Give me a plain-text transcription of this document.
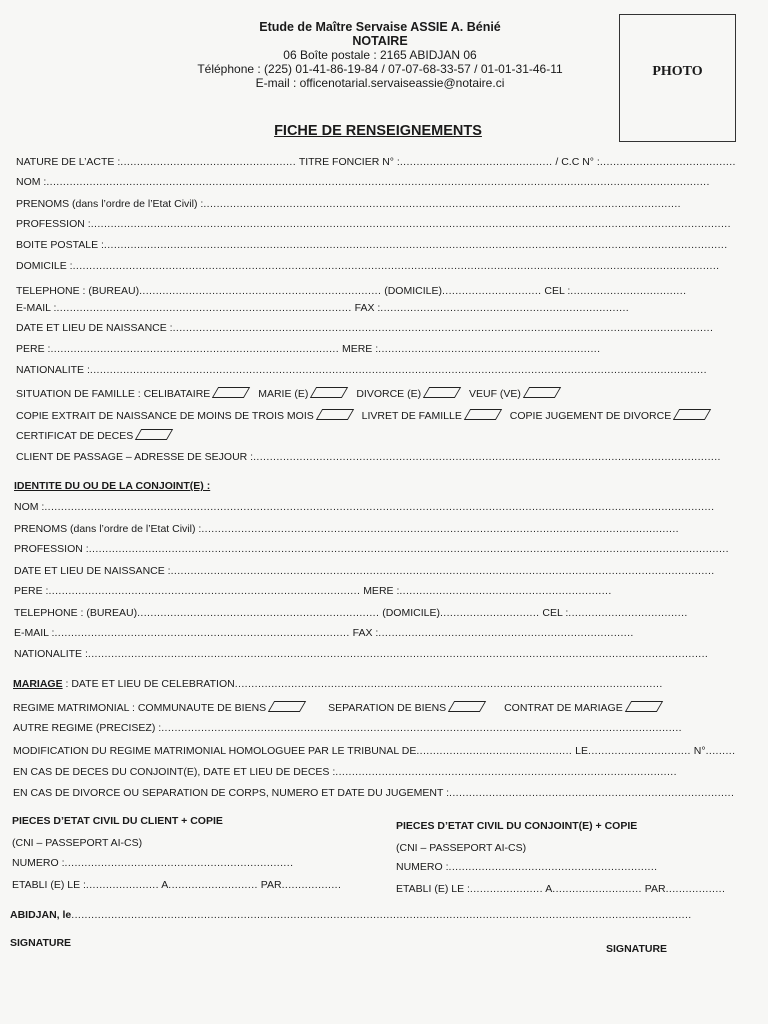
Etude de Maître Servaise ASSIE A. Bénié
NOTAIRE
06 Boîte postale : 2165 ABIDJAN 06
Téléphone : (225) 01-41-86-19-84 / 07-07-68-33-57 / 01-01-31-46-11
E-mail : officenotarial.servaiseassie@notaire.ci
PHOTO
FICHE DE RENSEIGNEMENTS
NATURE DE L’ACTE :..................................................... TITRE FONCIER N° :.............................................. / C.C N° :.........................................
NOM :........................................................................................................................................................................................................
PRENOMS (dans l’ordre de l’Etat Civil) :................................................................................................................................................
PROFESSION :.................................................................................................................................................................................................
BOITE POSTALE :............................................................................................................................................................................................
DOMICILE :...................................................................................................................................................................................................
TELEPHONE : (BUREAU)......................................................................... (DOMICILE).............................. CEL :...................................
E-MAIL :......................................................................................... FAX :...........................................................................
DATE ET LIEU DE NAISSANCE :...................................................................................................................................................................
PERE :....................................................................................... MERE :...................................................................
NATIONALITE :..........................................................................................................................................................................................
SITUATION DE FAMILLE : CELIBATAIRE	MARIE (E)	DIVORCE (E)	VEUF (VE)
COPIE EXTRAIT DE NAISSANCE DE MOINS DE TROIS MOIS	LIVRET DE FAMILLE	COPIE JUGEMENT DE DIVORCE
CERTIFICAT DE DECES
CLIENT DE PASSAGE – ADRESSE DE SEJOUR :.............................................................................................................................................
IDENTITE DU OU DE LA CONJOINT(E) :
NOM :..........................................................................................................................................................................................................
PRENOMS (dans l’ordre de l’Etat Civil) :................................................................................................................................................
PROFESSION :.................................................................................................................................................................................................
DATE ET LIEU DE NAISSANCE :....................................................................................................................................................................
PERE :.............................................................................................. MERE :................................................................
TELEPHONE : (BUREAU)......................................................................... (DOMICILE).............................. CEL :....................................
E-MAIL :......................................................................................... FAX :.............................................................................
NATIONALITE :...........................................................................................................................................................................................
MARIAGE : DATE ET LIEU DE CELEBRATION.................................................................................................................................
REGIME MATRIMONIAL : COMMUNAUTE DE BIENS	SEPARATION DE BIENS	CONTRAT DE MARIAGE
AUTRE REGIME (PRECISEZ) :.............................................................................................................................................................
MODIFICATION DU REGIME MATRIMONIAL HOMOLOGUEE PAR LE TRIBUNAL DE............................................... LE............................... N°.........
EN CAS DE DECES DU CONJOINT(E), DATE ET LIEU DE DECES :.......................................................................................................
EN CAS DE DIVORCE OU SEPARATION DE CORPS, NUMERO ET DATE DU JUGEMENT :......................................................................................
PIECES D’ETAT CIVIL DU CLIENT + COPIE
(CNI – PASSEPORT AI-CS)
NUMERO :.....................................................................
ETABLI (E) LE :...................... A........................... PAR..................
PIECES D’ETAT CIVIL DU CONJOINT(E) + COPIE
(CNI – PASSEPORT AI-CS)
NUMERO :...............................................................
ETABLI (E) LE :...................... A........................... PAR..................
ABIDJAN, le...........................................................................................................................................................................................
SIGNATURE	SIGNATURE
